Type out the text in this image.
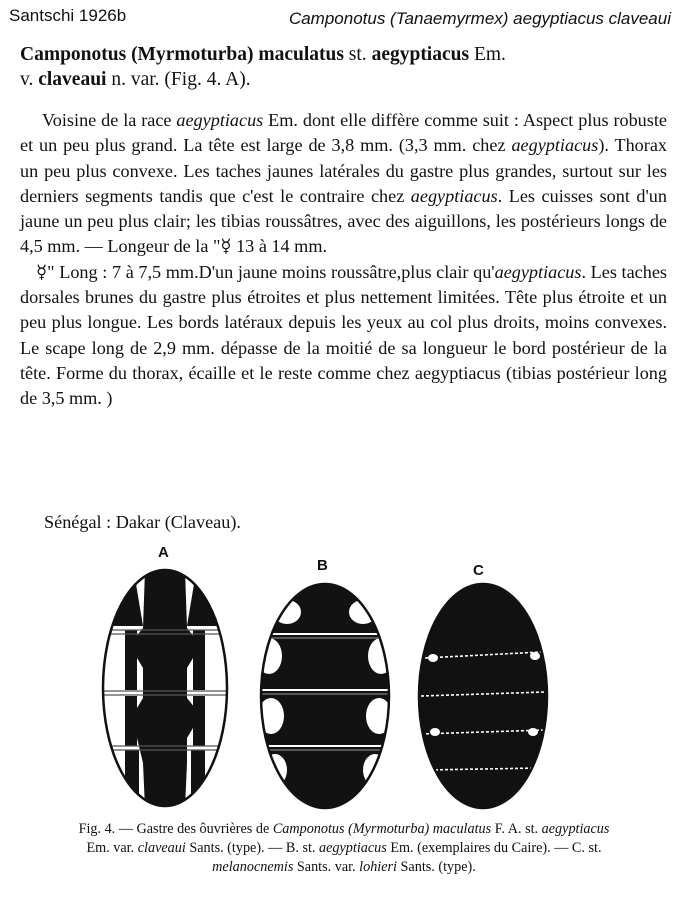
Santschi 1926b	Camponotus (Tanaemyrmex) aegyptiacus claveaui
Camponotus (Myrmoturba) maculatus st. aegyptiacus Em.
v. claveaui n. var. (Fig. 4. A).

Voisine de la race aegyptiacus Em. dont elle diffère comme suit : Aspect plus robuste et un peu plus grand. La tête est large de 3,8 mm. (3,3 mm. chez aegyptiacus). Thorax un peu plus convexe. Les taches jaunes latérales du gastre plus grandes, surtout sur les derniers segments tandis que c'est le contraire chez aegyptiacus. Les cuisses sont d'un jaune un peu plus clair; les tibias roussâtres, avec des aiguillons, les postérieurs longs de 4,5 mm. — Longeur de la "☿ 13 à 14 mm.

☿" Long : 7 à 7,5 mm.D'un jaune moins roussâtre,plus clair qu'aegyptiacus. Les taches dorsales brunes du gastre plus étroites et plus nettement limitées. Tête plus étroite et un peu plus longue. Les bords latéraux depuis les yeux au col plus droits, moins convexes. Le scape long de 2,9 mm. dépasse de la moitié de sa longueur le bord postérieur de la tête. Forme du thorax, écaille et le reste comme chez aegyptiacus (tibias postérieur long de 3,5 mm. )

Sénégal : Dakar (Claveau).
A
B	C
Fig. 4. — Gastre des ôuvrières de Camponotus (Myrmoturba) maculatus F. A. st. aegyptiacus Em. var. claveaui Sants. (type). — B. st. aegyptiacus Em. (exemplaires du Caire). — C. st. melanocnemis Sants. var. lohieri Sants. (type).
